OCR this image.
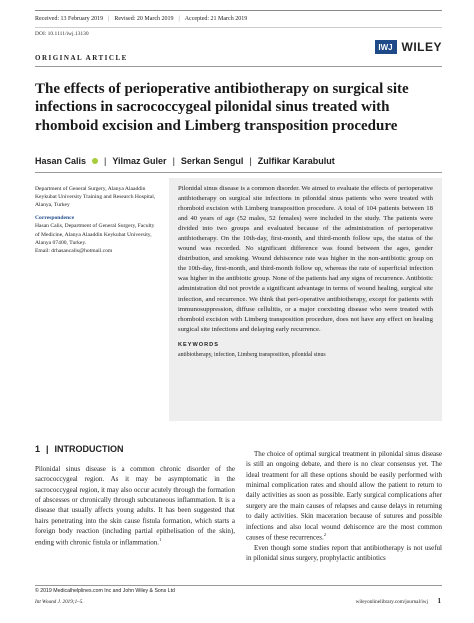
Received: 13 February 2019 | Revised: 20 March 2019 | Accepted: 21 March 2019
DOI: 10.1111/iwj.13130
IWJ WILEY
ORIGINAL ARTICLE
The effects of perioperative antibiotherapy on surgical site infections in sacrococcygeal pilonidal sinus treated with rhomboid excision and Limberg transposition procedure
Hasan Calis | Yilmaz Guler | Serkan Sengul | Zulfikar Karabulut

Department of General Surgery, Alanya Alaaddin Keykubat University Training and Research Hospital, Alanya, Turkey

Correspondence

Hasan Calis, Department of General Surgery, Faculty of Medicine, Alanya Alaaddin Keykubat University, Alanya 07400, Turkey.

Email: drhasancalis@hotmail.com

Pilonidal sinus disease is a common disorder. We aimed to evaluate the effects of perioperative antibiotherapy on surgical site infections in pilonidal sinus patients who were treated with rhomboid excision with Limberg transposition procedure. A total of 104 patients between 18 and 40 years of age (52 males, 52 females) were included in the study. The patients were divided into two groups and evaluated because of the administration of perioperative antibiotherapy. On the 10th-day, first-month, and third-month follow ups, the status of the wound was recorded. No significant difference was found between the ages, gender distribution, and smoking. Wound dehiscence rate was higher in the non-antibiotic group on the 10th-day, first-month, and third-month follow up, whereas the rate of superficial infection was higher in the antibiotic group. None of the patients had any signs of recurrence. Antibiotic administration did not provide a significant advantage in terms of wound healing, surgical site infection, and recurrence. We think that peri-operative antibiotherapy, except for patients with immunosuppression, diffuse cellulitis, or a major coexisting disease who were treated with rhomboid excision with Limberg transposition procedure, does not have any effect on healing surgical site infections and delaying early recurrence.

KEYWORDS
antibiotherapy, infection, Limberg transposition, pilonidal sinus
1 | INTRODUCTION

Pilonidal sinus disease is a common chronic disorder of the sacrococcygeal region. As it may be asymptomatic in the sacrococcygeal region, it may also occur acutely through the formation of abscesses or chronically through subcutaneous inflammation. It is a disease that usually affects young adults. It has been suggested that hairs penetrating into the skin cause fistula formation, which starts a foreign body reaction (including partial epithelisation of the skin), ending with chronic fistula or inflammation.$^1$

The choice of optimal surgical treatment in pilonidal sinus disease is still an ongoing debate, and there is no clear consensus yet. The ideal treatment for all these options should be easily performed with minimal complication rates and should allow the patient to return to daily activities as soon as possible. Early surgical complications after surgery are the main causes of relapses and cause delays in returning to daily activities. Skin maceration because of sutures and possible infections and also local wound dehiscence are the most common causes of these recurrences.$^2$

Even though some studies report that antibiotherapy is not useful in pilonidal sinus surgery, prophylactic antibiotics

© 2019 Medicalhelplines.com Inc and John Wiley & Sons Ltd
Int Wound J. 2019;1–5.	wileyonlinelibrary.com/journal/iwj 1
